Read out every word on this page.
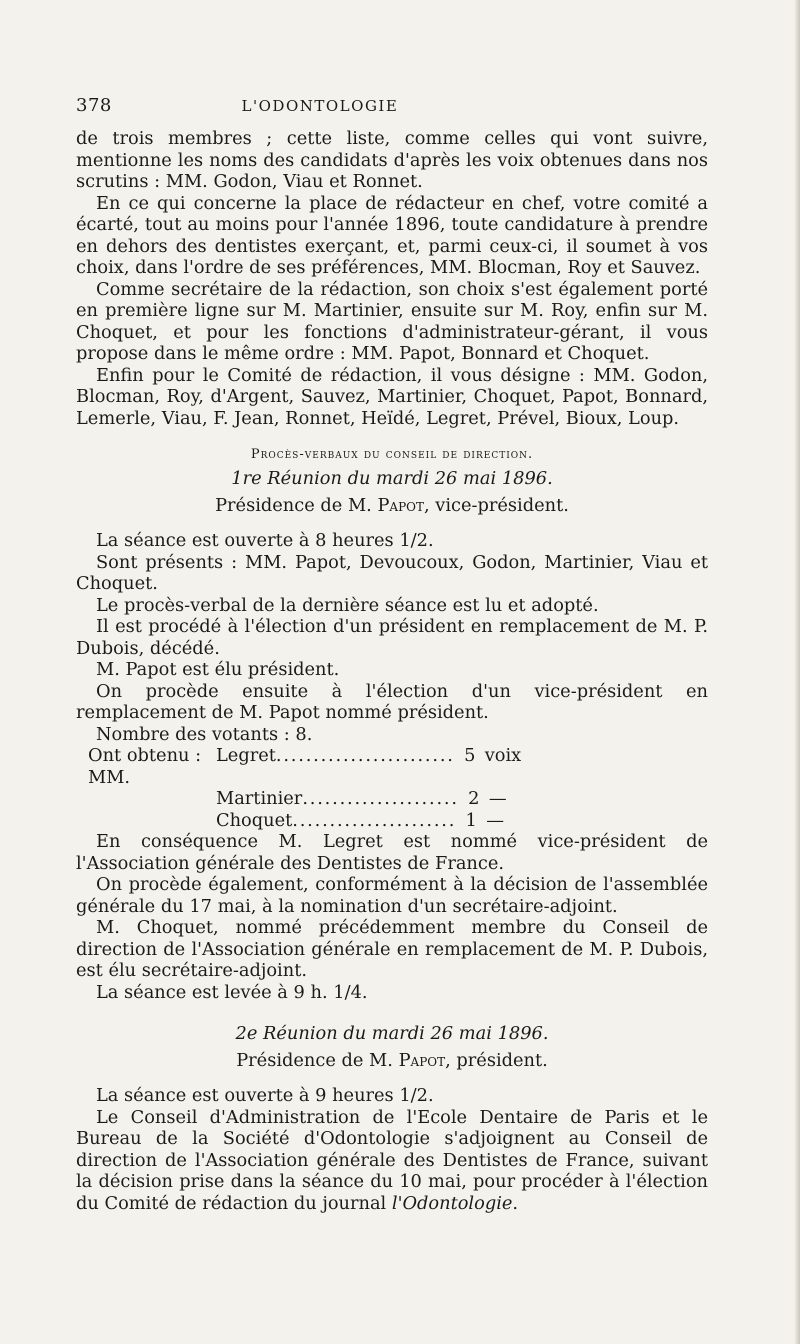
378	L'ODONTOLOGIE

de trois membres ; cette liste, comme celles qui vont suivre, mentionne les noms des candidats d'après les voix obtenues dans nos scrutins : MM. Godon, Viau et Ronnet.

En ce qui concerne la place de rédacteur en chef, votre comité a écarté, tout au moins pour l'année 1896, toute candidature à prendre en dehors des dentistes exerçant, et, parmi ceux-ci, il soumet à vos choix, dans l'ordre de ses préférences, MM. Blocman, Roy et Sauvez.

Comme secrétaire de la rédaction, son choix s'est également porté en première ligne sur M. Martinier, ensuite sur M. Roy, enfin sur M. Choquet, et pour les fonctions d'administrateur-gérant, il vous propose dans le même ordre : MM. Papot, Bonnard et Choquet.

Enfin pour le Comité de rédaction, il vous désigne : MM. Godon, Blocman, Roy, d'Argent, Sauvez, Martinier, Choquet, Papot, Bonnard, Lemerle, Viau, F. Jean, Ronnet, Heïdé, Legret, Prével, Bioux, Loup.

Procès-verbaux du conseil de direction.
1re Réunion du mardi 26 mai 1896.
Présidence de M. Papot, vice-président.

La séance est ouverte à 8 heures 1/2.

Sont présents : MM. Papot, Devoucoux, Godon, Martinier, Viau et Choquet.

Le procès-verbal de la dernière séance est lu et adopté.

Il est procédé à l'élection d'un président en remplacement de M. P. Dubois, décédé.

M. Papot est élu président.

On procède ensuite à l'élection d'un vice-président en remplacement de M. Papot nommé président.

Nombre des votants : 8.

Ont obtenu : MM.
Legret ........................ 5 voix
Martinier ..................... 2 —
Choquet ...................... 1 —

En conséquence M. Legret est nommé vice-président de l'Association générale des Dentistes de France.

On procède également, conformément à la décision de l'assemblée générale du 17 mai, à la nomination d'un secrétaire-adjoint.

M. Choquet, nommé précédemment membre du Conseil de direction de l'Association générale en remplacement de M. P. Dubois, est élu secrétaire-adjoint.

La séance est levée à 9 h. 1/4.

2e Réunion du mardi 26 mai 1896.
Présidence de M. Papot, président.

La séance est ouverte à 9 heures 1/2.

Le Conseil d'Administration de l'Ecole Dentaire de Paris et le Bureau de la Société d'Odontologie s'adjoignent au Conseil de direction de l'Association générale des Dentistes de France, suivant la décision prise dans la séance du 10 mai, pour procéder à l'élection du Comité de rédaction du journal l'Odontologie.
